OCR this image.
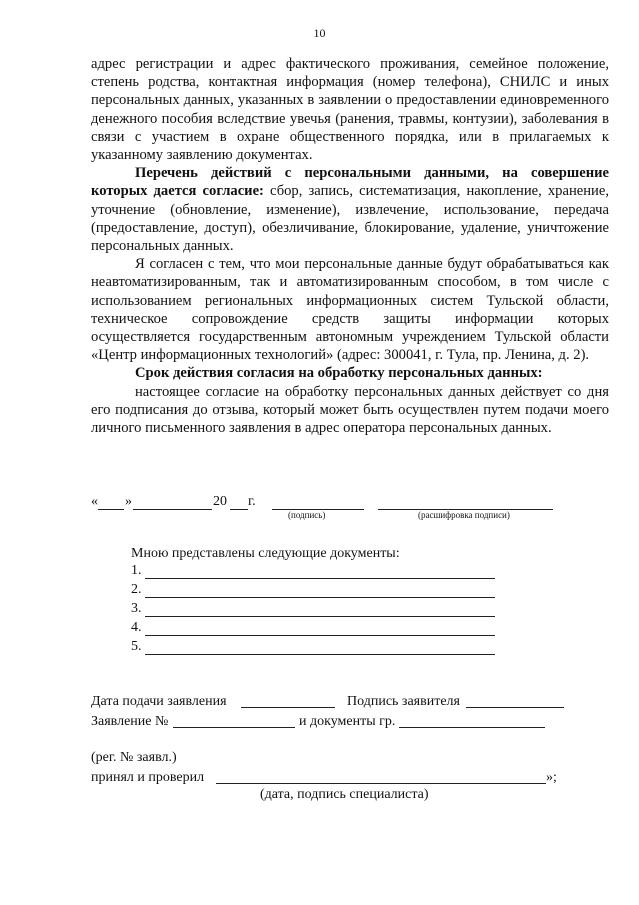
10

адрес регистрации и адрес фактического проживания, семейное положение, степень родства, контактная информация (номер телефона), СНИЛС и иных персональных данных, указанных в заявлении о предоставлении единовременного денежного пособия вследствие увечья (ранения, травмы, контузии), заболевания в связи с участием в охране общественного порядка, или в прилагаемых к указанному заявлению документах.

Перечень действий с персональными данными, на совершение которых дается согласие: сбор, запись, систематизация, накопление, хранение, уточнение (обновление, изменение), извлечение, использование, передача (предоставление, доступ), обезличивание, блокирование, удаление, уничтожение персональных данных.

Я согласен с тем, что мои персональные данные будут обрабатываться как неавтоматизированным, так и автоматизированным способом, в том числе с использованием региональных информационных систем Тульской области, техническое сопровождение средств защиты информации которых осуществляется государственным автономным учреждением Тульской области «Центр информационных технологий» (адрес: 300041, г. Тула, пр. Ленина, д. 2).

Срок действия согласия на обработку персональных данных:

настоящее согласие на обработку персональных данных действует со дня его подписания до отзыва, который может быть осуществлен путем подачи моего личного письменного заявления в адрес оператора персональных данных.

« »	20 г.
(подпись)	(расшифровка подписи)
Мною представлены следующие документы:
1.
2.
3.
4.
5.
Дата подачи заявления	Подпись заявителя
Заявление №	и документы гр.
(рег. № заявл.)
принял и проверил	»;
(дата, подпись специалиста)
